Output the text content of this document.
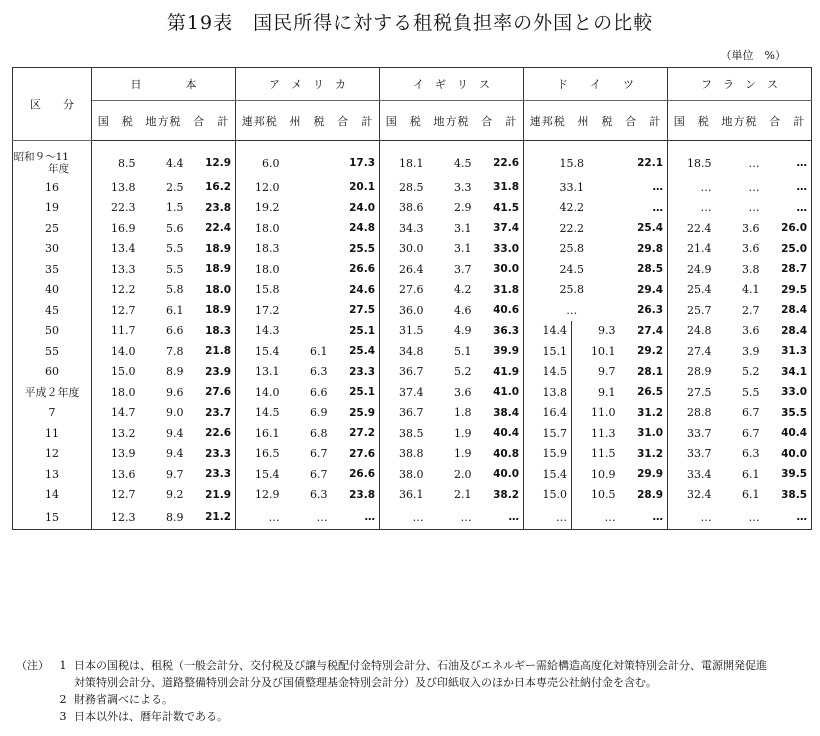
第19表　国民所得に対する租税負担率の外国との比較
（単位　%）
区　　分	日　　　　本			ア　メ　リ　カ			イ　ギ　リ　ス			ド　　イ　　ツ			フ　ラ　ン　ス		
	国　税	地方税	合　計	連邦税	州　税	合　計	国　税	地方税	合　計	連邦税	州　税	合　計	国　税	地方税	合　計
昭和９～11年度	8.5	4.4	12.9	6.0		17.3	18.1	4.5	22.6	15.8		22.1	18.5	…	…
16	13.8	2.5	16.2	12.0		20.1	28.5	3.3	31.8	33.1		…	…	…	…
19	22.3	1.5	23.8	19.2		24.0	38.6	2.9	41.5	42.2		…	…	…	…
25	16.9	5.6	22.4	18.0		24.8	34.3	3.1	37.4	22.2		25.4	22.4	3.6	26.0
30	13.4	5.5	18.9	18.3		25.5	30.0	3.1	33.0	25.8		29.8	21.4	3.6	25.0
35	13.3	5.5	18.9	18.0		26.6	26.4	3.7	30.0	24.5		28.5	24.9	3.8	28.7
40	12.2	5.8	18.0	15.8		24.6	27.6	4.2	31.8	25.8		29.4	25.4	4.1	29.5
45	12.7	6.1	18.9	17.2		27.5	36.0	4.6	40.6	…		26.3	25.7	2.7	28.4
50	11.7	6.6	18.3	14.3		25.1	31.5	4.9	36.3	14.4	9.3	27.4	24.8	3.6	28.4
55	14.0	7.8	21.8	15.4	6.1	25.4	34.8	5.1	39.9	15.1	10.1	29.2	27.4	3.9	31.3
60	15.0	8.9	23.9	13.1	6.3	23.3	36.7	5.2	41.9	14.5	9.7	28.1	28.9	5.2	34.1
平成２年度	18.0	9.6	27.6	14.0	6.6	25.1	37.4	3.6	41.0	13.8	9.1	26.5	27.5	5.5	33.0
7	14.7	9.0	23.7	14.5	6.9	25.9	36.7	1.8	38.4	16.4	11.0	31.2	28.8	6.7	35.5
11	13.2	9.4	22.6	16.1	6.8	27.2	38.5	1.9	40.4	15.7	11.3	31.0	33.7	6.7	40.4
12	13.9	9.4	23.3	16.5	6.7	27.6	38.8	1.9	40.8	15.9	11.5	31.2	33.7	6.3	40.0
13	13.6	9.7	23.3	15.4	6.7	26.6	38.0	2.0	40.0	15.4	10.9	29.9	33.4	6.1	39.5
14	12.7	9.2	21.9	12.9	6.3	23.8	36.1	2.1	38.2	15.0	10.5	28.9	32.4	6.1	38.5
15	12.3	8.9	21.2	…	…	…	…	…	…	…	…	…	…	…	…
（注） 1 日本の国税は、租税（一般会計分、交付税及び譲与税配付金特別会計分、石油及びエネルギー需給構造高度化対策特別会計分、電源開発促進
対策特別会計分、道路整備特別会計分及び国債整理基金特別会計分）及び印紙収入のほか日本専売公社納付金を含む。
2 財務省調べによる。
3 日本以外は、暦年計数である。
